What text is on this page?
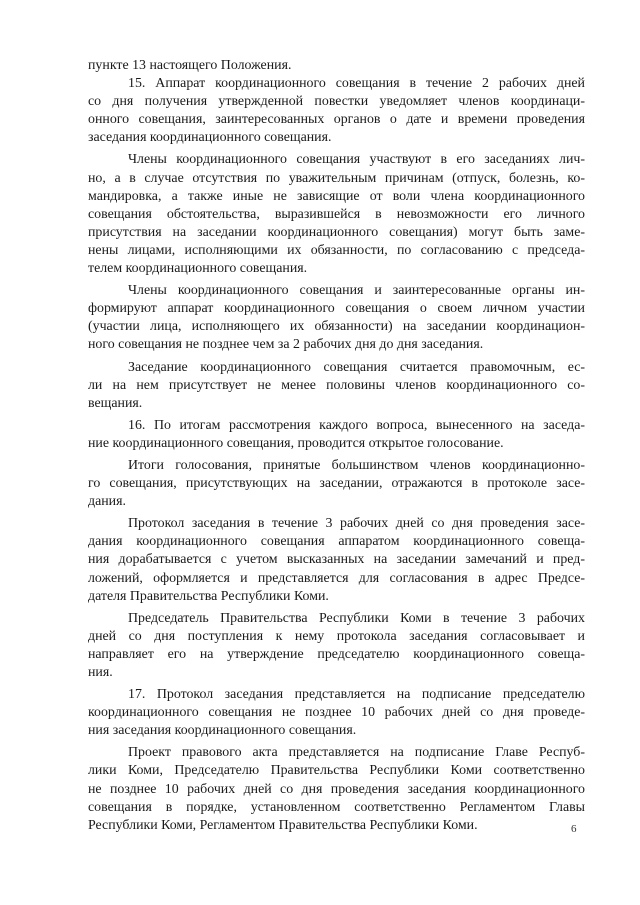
пункте 13 настоящего Положения.
15. Аппарат координационного совещания в течение 2 рабочих дней
со дня получения утвержденной повестки уведомляет членов координаци-
онного совещания, заинтересованных органов о дате и времени проведения
заседания координационного совещания.
Члены координационного совещания участвуют в его заседаниях лич-
но, а в случае отсутствия по уважительным причинам (отпуск, болезнь, ко-
мандировка, а также иные не зависящие от воли члена координационного
совещания обстоятельства, выразившейся в невозможности его личного
присутствия на заседании координационного совещания) могут быть заме-
нены лицами, исполняющими их обязанности, по согласованию с председа-
телем координационного совещания.
Члены координационного совещания и заинтересованные органы ин-
формируют аппарат координационного совещания о своем личном участии
(участии лица, исполняющего их обязанности) на заседании координацион-
ного совещания не позднее чем за 2 рабочих дня до дня заседания.
Заседание координационного совещания считается правомочным, ес-
ли на нем присутствует не менее половины членов координационного со-
вещания.
16. По итогам рассмотрения каждого вопроса, вынесенного на заседа-
ние координационного совещания, проводится открытое голосование.
Итоги голосования, принятые большинством членов координационно-
го совещания, присутствующих на заседании, отражаются в протоколе засе-
дания.
Протокол заседания в течение 3 рабочих дней со дня проведения засе-
дания координационного совещания аппаратом координационного совеща-
ния дорабатывается с учетом высказанных на заседании замечаний и пред-
ложений, оформляется и представляется для согласования в адрес Предсе-
дателя Правительства Республики Коми.
Председатель Правительства Республики Коми в течение 3 рабочих
дней со дня поступления к нему протокола заседания согласовывает и
направляет его на утверждение председателю координационного совеща-
ния.
17. Протокол заседания представляется на подписание председателю
координационного совещания не позднее 10 рабочих дней со дня проведе-
ния заседания координационного совещания.
Проект правового акта представляется на подписание Главе Респуб-
лики Коми, Председателю Правительства Республики Коми соответственно
не позднее 10 рабочих дней со дня проведения заседания координационного
совещания в порядке, установленном соответственно Регламентом Главы
Республики Коми, Регламентом Правительства Республики Коми.	6
